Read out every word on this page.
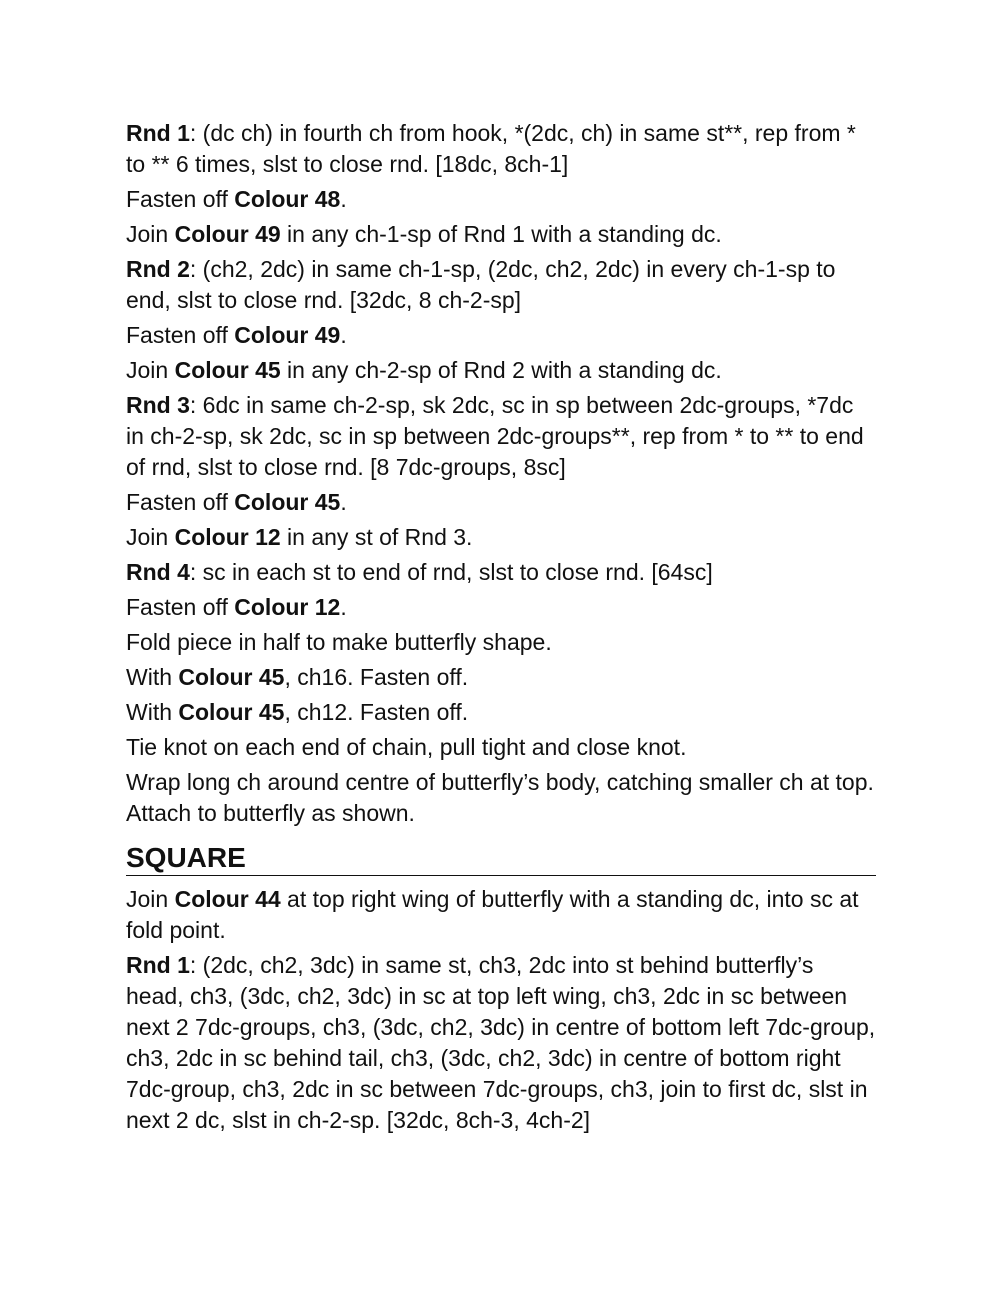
Rnd 1: (dc ch) in fourth ch from hook, *(2dc, ch) in same st**, rep from * to ** 6 times, slst to close rnd. [18dc, 8ch-1]

Fasten off Colour 48.

Join Colour 49 in any ch-1-sp of Rnd 1 with a standing dc.

Rnd 2: (ch2, 2dc) in same ch-1-sp, (2dc, ch2, 2dc) in every ch-1-sp to end, slst to close rnd. [32dc, 8 ch-2-sp]

Fasten off Colour 49.

Join Colour 45 in any ch-2-sp of Rnd 2 with a standing dc.

Rnd 3: 6dc in same ch-2-sp, sk 2dc, sc in sp between 2dc-groups, *7dc in ch-2-sp, sk 2dc, sc in sp between 2dc-groups**, rep from * to ** to end of rnd, slst to close rnd. [8 7dc-groups, 8sc]

Fasten off Colour 45.

Join Colour 12 in any st of Rnd 3.

Rnd 4: sc in each st to end of rnd, slst to close rnd. [64sc]

Fasten off Colour 12.

Fold piece in half to make butterfly shape.

With Colour 45, ch16. Fasten off.

With Colour 45, ch12. Fasten off.

Tie knot on each end of chain, pull tight and close knot.

Wrap long ch around centre of butterfly’s body, catching smaller ch at top. Attach to butterfly as shown.

SQUARE

Join Colour 44 at top right wing of butterfly with a standing dc, into sc at fold point.

Rnd 1: (2dc, ch2, 3dc) in same st, ch3, 2dc into st behind butterfly’s head, ch3, (3dc, ch2, 3dc) in sc at top left wing, ch3, 2dc in sc between next 2 7dc-groups, ch3, (3dc, ch2, 3dc) in centre of bottom left 7dc-group, ch3, 2dc in sc behind tail, ch3, (3dc, ch2, 3dc) in centre of bottom right 7dc-group, ch3, 2dc in sc between 7dc-groups, ch3, join to first dc, slst in next 2 dc, slst in ch-2-sp. [32dc, 8ch-3, 4ch-2]
